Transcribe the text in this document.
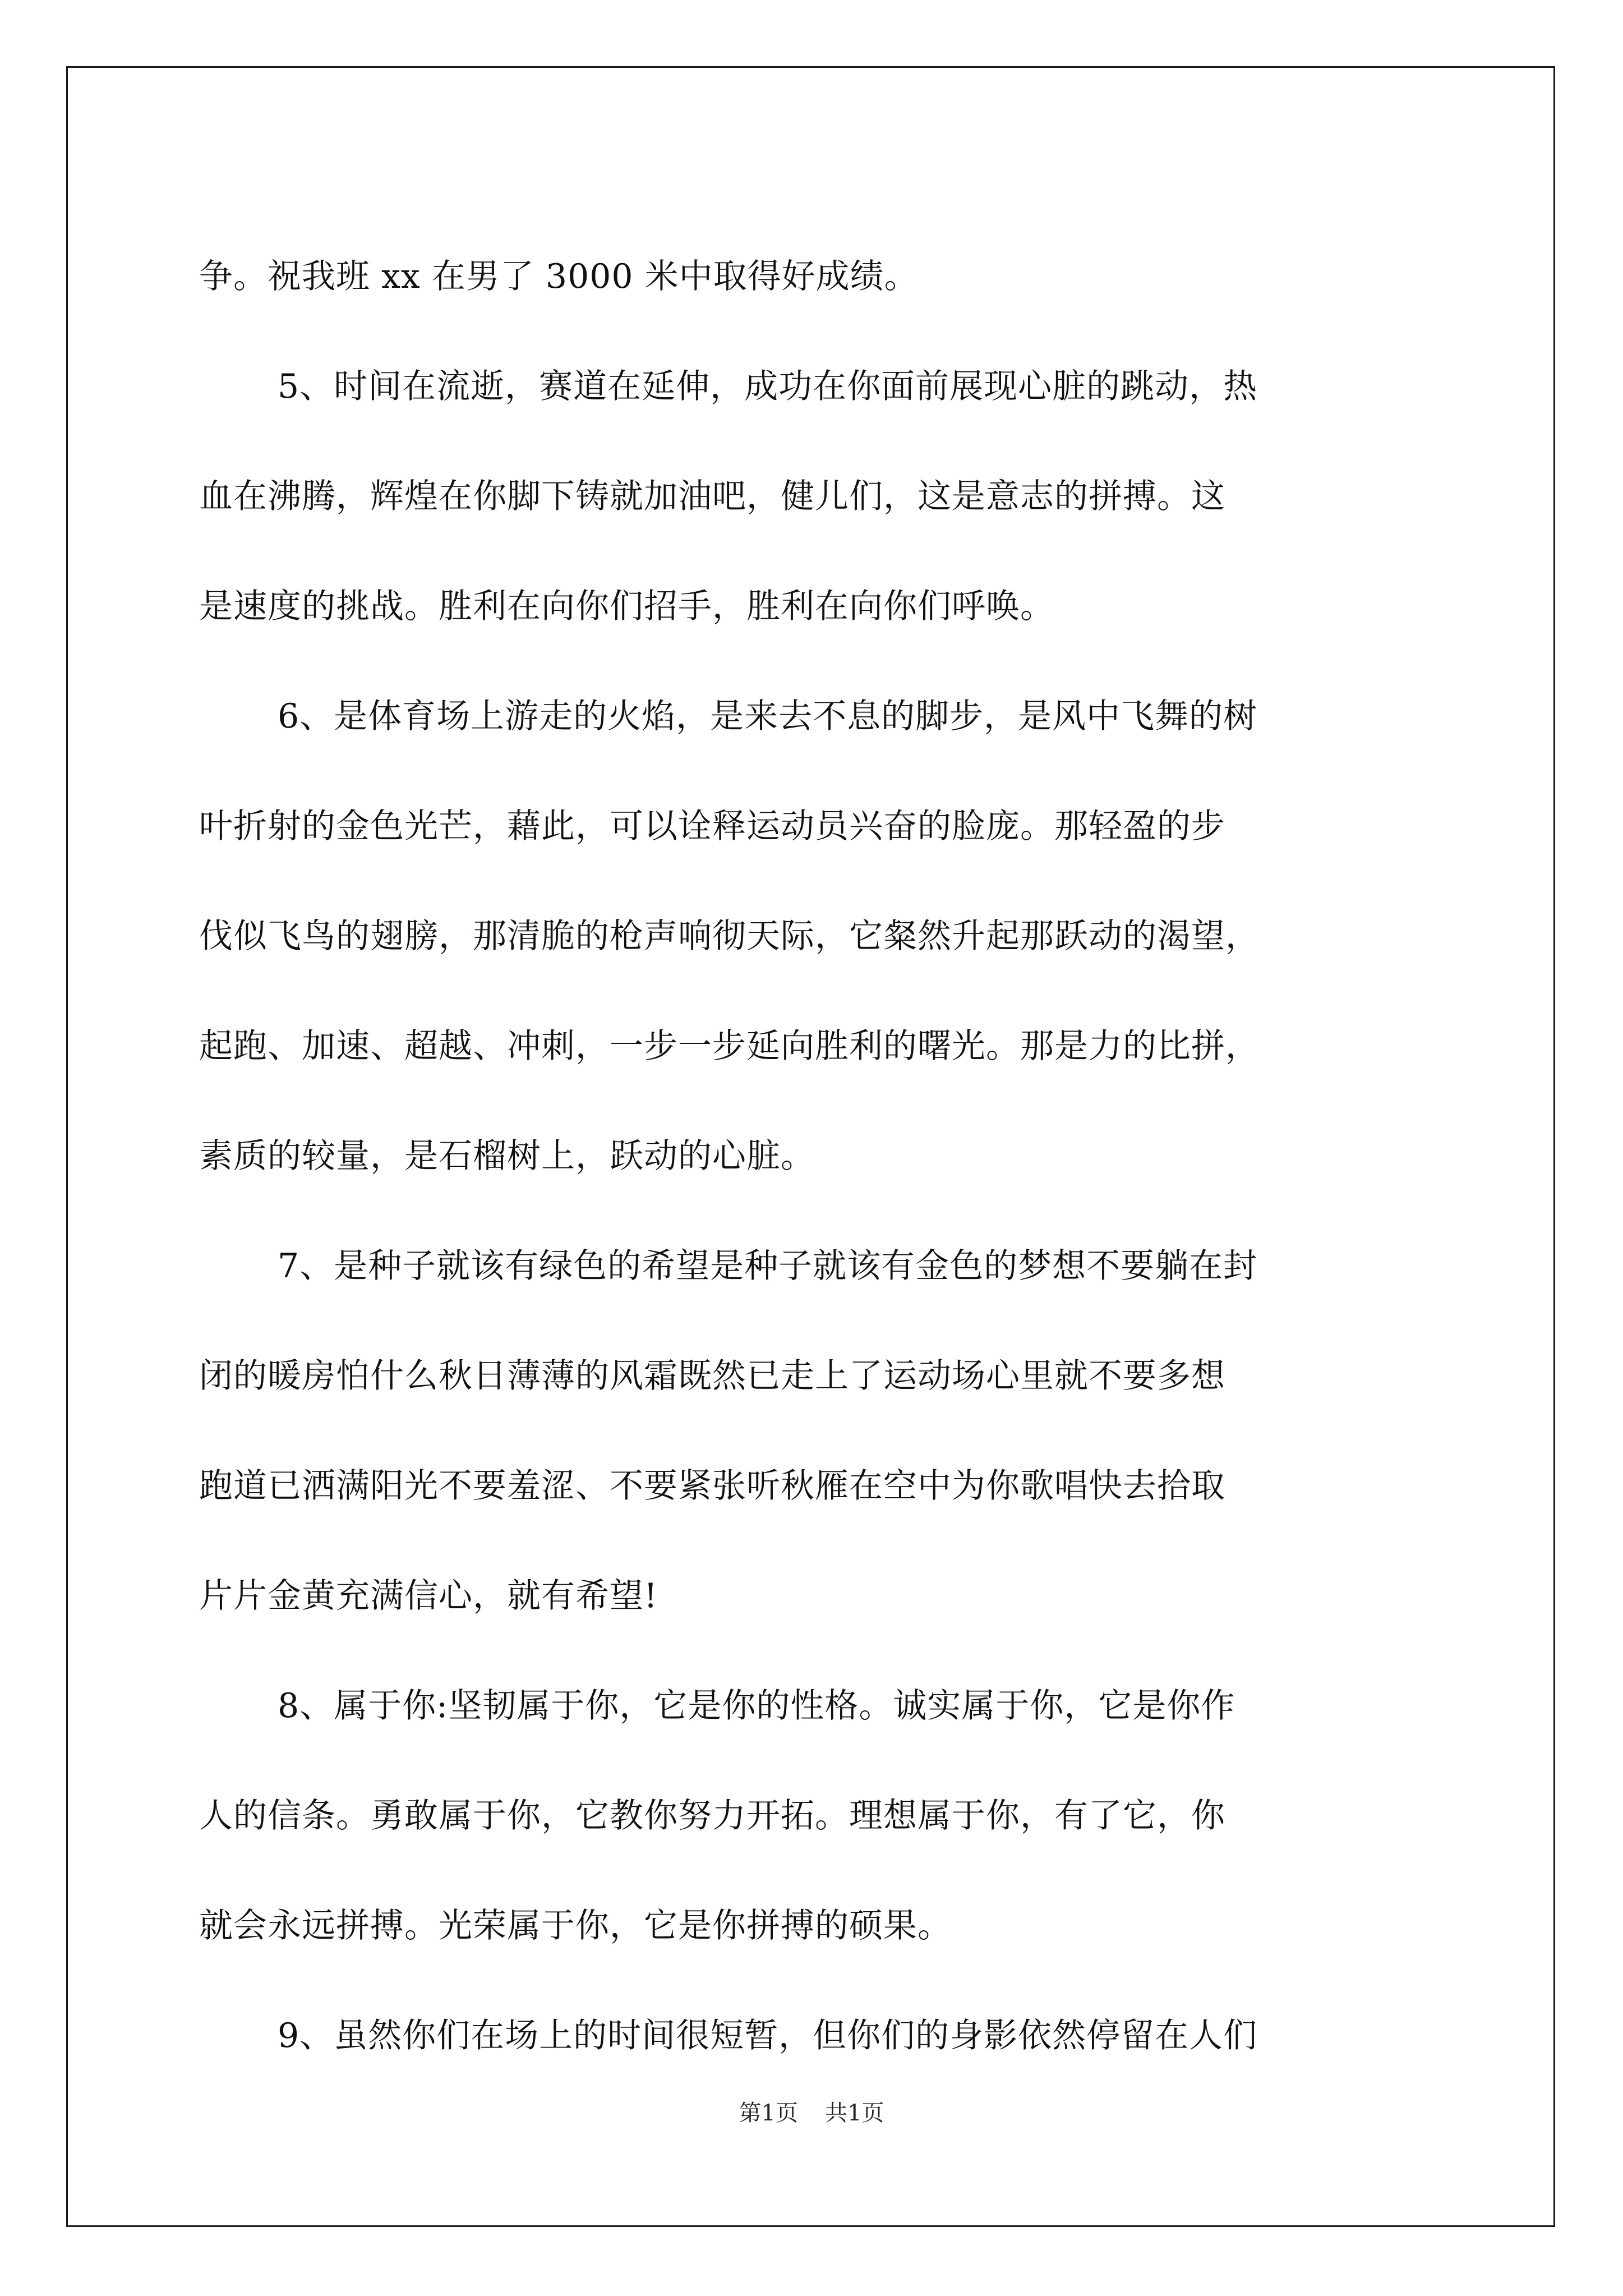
争。祝我班 xx 在男了 3000 米中取得好成绩。
5、时间在流逝，赛道在延伸，成功在你面前展现心脏的跳动，热
血在沸腾，辉煌在你脚下铸就加油吧，健儿们，这是意志的拼搏。这
是速度的挑战。胜利在向你们招手，胜利在向你们呼唤。
6、是体育场上游走的火焰，是来去不息的脚步，是风中飞舞的树
叶折射的金色光芒，藉此，可以诠释运动员兴奋的脸庞。那轻盈的步
伐似飞鸟的翅膀，那清脆的枪声响彻天际，它粲然升起那跃动的渴望，
起跑、加速、超越、冲刺，一步一步延向胜利的曙光。那是力的比拼，
素质的较量，是石榴树上，跃动的心脏。
7、是种子就该有绿色的希望是种子就该有金色的梦想不要躺在封
闭的暖房怕什么秋日薄薄的风霜既然已走上了运动场心里就不要多想
跑道已洒满阳光不要羞涩、不要紧张听秋雁在空中为你歌唱快去拾取
片片金黄充满信心，就有希望!
8、属于你:坚韧属于你，它是你的性格。诚实属于你，它是你作
人的信条。勇敢属于你，它教你努力开拓。理想属于你，有了它，你
就会永远拼搏。光荣属于你，它是你拼搏的硕果。
9、虽然你们在场上的时间很短暂，但你们的身影依然停留在人们
第1页 共1页
